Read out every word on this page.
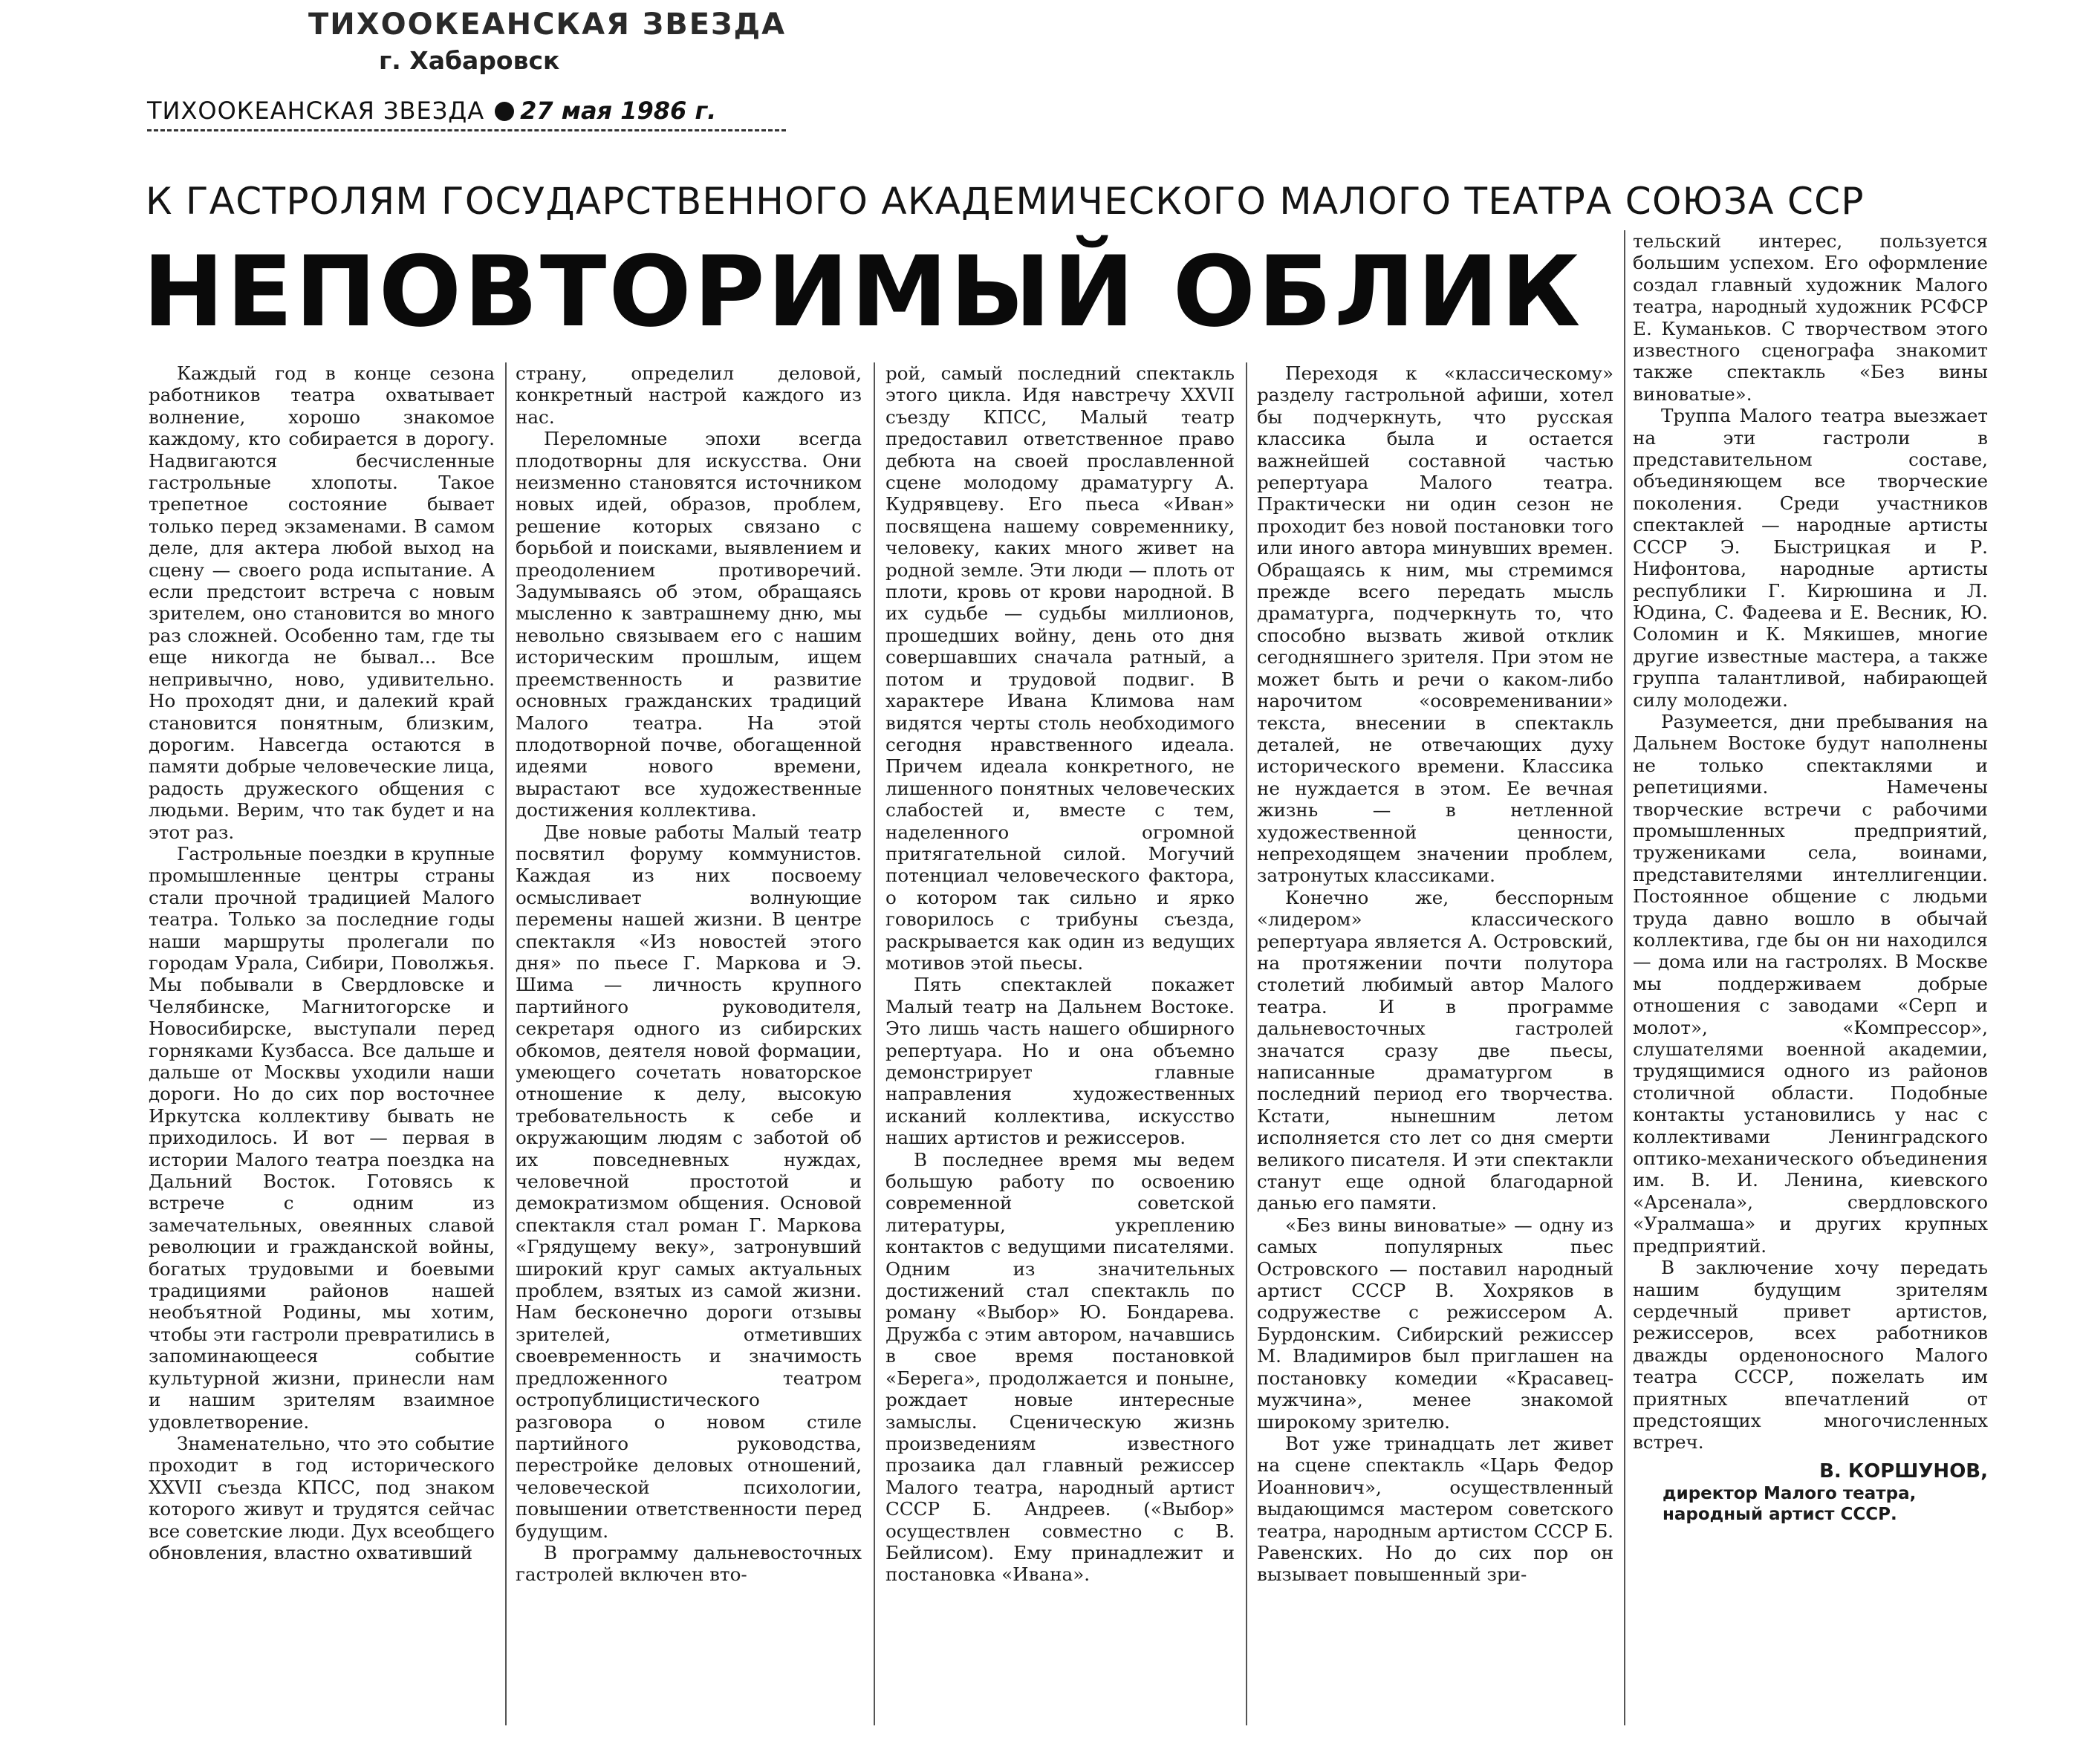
ТИХООКЕАНСКАЯ ЗВЕЗДА
г. Хабаровск
ТИХООКЕАНСКАЯ ЗВЕЗДА 27 мая 1986 г.
К ГАСТРОЛЯМ ГОСУДАРСТВЕННОГО АКАДЕМИЧЕСКОГО МАЛОГО ТЕАТРА СОЮЗА ССР
НЕПОВТОРИМЫЙ ОБЛИК

Каждый год в конце сезона работников театра охватывает волнение, хорошо знакомое каждому, кто собирается в дорогу. Надвигаются бесчисленные гастрольные хлопоты. Такое трепетное состояние бывает только перед экзаменами. В самом деле, для актера любой выход на сцену — своего рода испытание. А если предстоит встреча с новым зрителем, оно становится во много раз сложней. Особенно там, где ты еще никогда не бывал... Все непривычно, ново, удивительно. Но проходят дни, и далекий край становится понятным, близким, дорогим. Навсегда остаются в памяти добрые человеческие лица, радость дружеского общения с людьми. Верим, что так будет и на этот раз.

Гастрольные поездки в крупные промышленные центры страны стали прочной традицией Малого театра. Только за последние годы наши маршруты пролегали по городам Урала, Сибири, Поволжья. Мы побывали в Свердловске и Челябинске, Магнитогорске и Новосибирске, выступали перед горняками Кузбасса. Все дальше и дальше от Москвы уходили наши дороги. Но до сих пор восточнее Иркутска коллективу бывать не приходилось. И вот — первая в истории Малого театра поездка на Дальний Восток. Готовясь к встрече с одним из замечательных, овеянных славой революции и гражданской войны, богатых трудовыми и боевыми традициями районов нашей необъятной Родины, мы хотим, чтобы эти гастроли превратились в запоминающееся событие культурной жизни, принесли нам и нашим зрителям взаимное удовлетворение.

Знаменательно, что это событие проходит в год исторического XXVII съезда КПСС, под знаком которого живут и трудятся сейчас все советские люди. Дух всеобщего обновления, властно охвативший

страну, определил деловой, конкретный настрой каждого из нас.

Переломные эпохи всегда плодотворны для искусства. Они неизменно становятся источником новых идей, образов, проблем, решение которых связано с борьбой и поисками, выявлением и преодолением противоречий. Задумываясь об этом, обращаясь мысленно к завтрашнему дню, мы невольно связываем его с нашим историческим прошлым, ищем преемственность и развитие основных гражданских традиций Малого театра. На этой плодотворной почве, обогащенной идеями нового времени, вырастают все художественные достижения коллектива.

Две новые работы Малый театр посвятил форуму коммунистов. Каждая из них посвоему осмысливает волнующие перемены нашей жизни. В центре спектакля «Из новостей этого дня» по пьесе Г. Маркова и Э. Шима — личность крупного партийного руководителя, секретаря одного из сибирских обкомов, деятеля новой формации, умеющего сочетать новаторское отношение к делу, высокую требовательность к себе и окружающим людям с заботой об их повседневных нуждах, человечной простотой и демократизмом общения. Основой спектакля стал роман Г. Маркова «Грядущему веку», затронувший широкий круг самых актуальных проблем, взятых из самой жизни. Нам бесконечно дороги отзывы зрителей, отметивших своевременность и значимость предложенного театром остропублицистического разговора о новом стиле партийного руководства, перестройке деловых отношений, человеческой психологии, повышении ответственности перед будущим.

В программу дальневосточных гастролей включен вто-

рой, самый последний спектакль этого цикла. Идя навстречу XXVII съезду КПСС, Малый театр предоставил ответственное право дебюта на своей прославленной сцене молодому драматургу А. Кудрявцеву. Его пьеса «Иван» посвящена нашему современнику, человеку, каких много живет на родной земле. Эти люди — плоть от плоти, кровь от крови народной. В их судьбе — судьбы миллионов, прошедших войну, день ото дня совершавших сначала ратный, а потом и трудовой подвиг. В характере Ивана Климова нам видятся черты столь необходимого сегодня нравственного идеала. Причем идеала конкретного, не лишенного понятных человеческих слабостей и, вместе с тем, наделенного огромной притягательной силой. Могучий потенциал человеческого фактора, о котором так сильно и ярко говорилось с трибуны съезда, раскрывается как один из ведущих мотивов этой пьесы.

Пять спектаклей покажет Малый театр на Дальнем Востоке. Это лишь часть нашего обширного репертуара. Но и она объемно демонстрирует главные направления художественных исканий коллектива, искусство наших артистов и режиссеров.

В последнее время мы ведем большую работу по освоению современной советской литературы, укреплению контактов с ведущими писателями. Одним из значительных достижений стал спектакль по роману «Выбор» Ю. Бондарева. Дружба с этим автором, начавшись в свое время постановкой «Берега», продолжается и поныне, рождает новые интересные замыслы. Сценическую жизнь произведениям известного прозаика дал главный режиссер Малого театра, народный артист СССР Б. Андреев. («Выбор» осуществлен совместно с В. Бейлисом). Ему принадлежит и постановка «Ивана».

Переходя к «классическому» разделу гастрольной афиши, хотел бы подчеркнуть, что русская классика была и остается важнейшей составной частью репертуара Малого театра. Практически ни один сезон не проходит без новой постановки того или иного автора минувших времен. Обращаясь к ним, мы стремимся прежде всего передать мысль драматурга, подчеркнуть то, что способно вызвать живой отклик сегодняшнего зрителя. При этом не может быть и речи о каком-либо нарочитом «осовременивании» текста, внесении в спектакль деталей, не отвечающих духу исторического времени. Классика не нуждается в этом. Ее вечная жизнь — в нетленной художественной ценности, непреходящем значении проблем, затронутых классиками.

Конечно же, бесспорным «лидером» классического репертуара является А. Островский, на протяжении почти полутора столетий любимый автор Малого театра. И в программе дальневосточных гастролей значатся сразу две пьесы, написанные драматургом в последний период его творчества. Кстати, нынешним летом исполняется сто лет со дня смерти великого писателя. И эти спектакли станут еще одной благодарной данью его памяти.

«Без вины виноватые» — одну из самых популярных пьес Островского — поставил народный артист СССР В. Хохряков в содружестве с режиссером А. Бурдонским. Сибирский режиссер М. Владимиров был приглашен на постановку комедии «Красавец-мужчина», менее знакомой широкому зрителю.

Вот уже тринадцать лет живет на сцене спектакль «Царь Федор Иоаннович», осуществленный выдающимся мастером советского театра, народным артистом СССР Б. Равенских. Но до сих пор он вызывает повышенный зри-

тельский интерес, пользуется большим успехом. Его оформление создал главный художник Малого театра, народный художник РСФСР Е. Куманьков. С творчеством этого известного сценографа знакомит также спектакль «Без вины виноватые».

Труппа Малого театра выезжает на эти гастроли в представительном составе, объединяющем все творческие поколения. Среди участников спектаклей — народные артисты СССР Э. Быстрицкая и Р. Нифонтова, народные артисты республики Г. Кирюшина и Л. Юдина, С. Фадеева и Е. Весник, Ю. Соломин и К. Мякишев, многие другие известные мастера, а также группа талантливой, набирающей силу молодежи.

Разумеется, дни пребывания на Дальнем Востоке будут наполнены не только спектаклями и репетициями. Намечены творческие встречи с рабочими промышленных предприятий, тружениками села, воинами, представителями интеллигенции. Постоянное общение с людьми труда давно вошло в обычай коллектива, где бы он ни находился — дома или на гастролях. В Москве мы поддерживаем добрые отношения с заводами «Серп и молот», «Компрессор», слушателями военной академии, трудящимися одного из районов столичной области. Подобные контакты установились у нас с коллективами Ленинградского оптико-механического объединения им. В. И. Ленина, киевского «Арсенала», свердловского «Уралмаша» и других крупных предприятий.

В заключение хочу передать нашим будущим зрителям сердечный привет артистов, режиссеров, всех работников дважды орденоносного Малого театра СССР, пожелать им приятных впечатлений от предстоящих многочисленных встреч.

В. КОРШУНОВ,
директор Малого театра, народный артист СССР.
